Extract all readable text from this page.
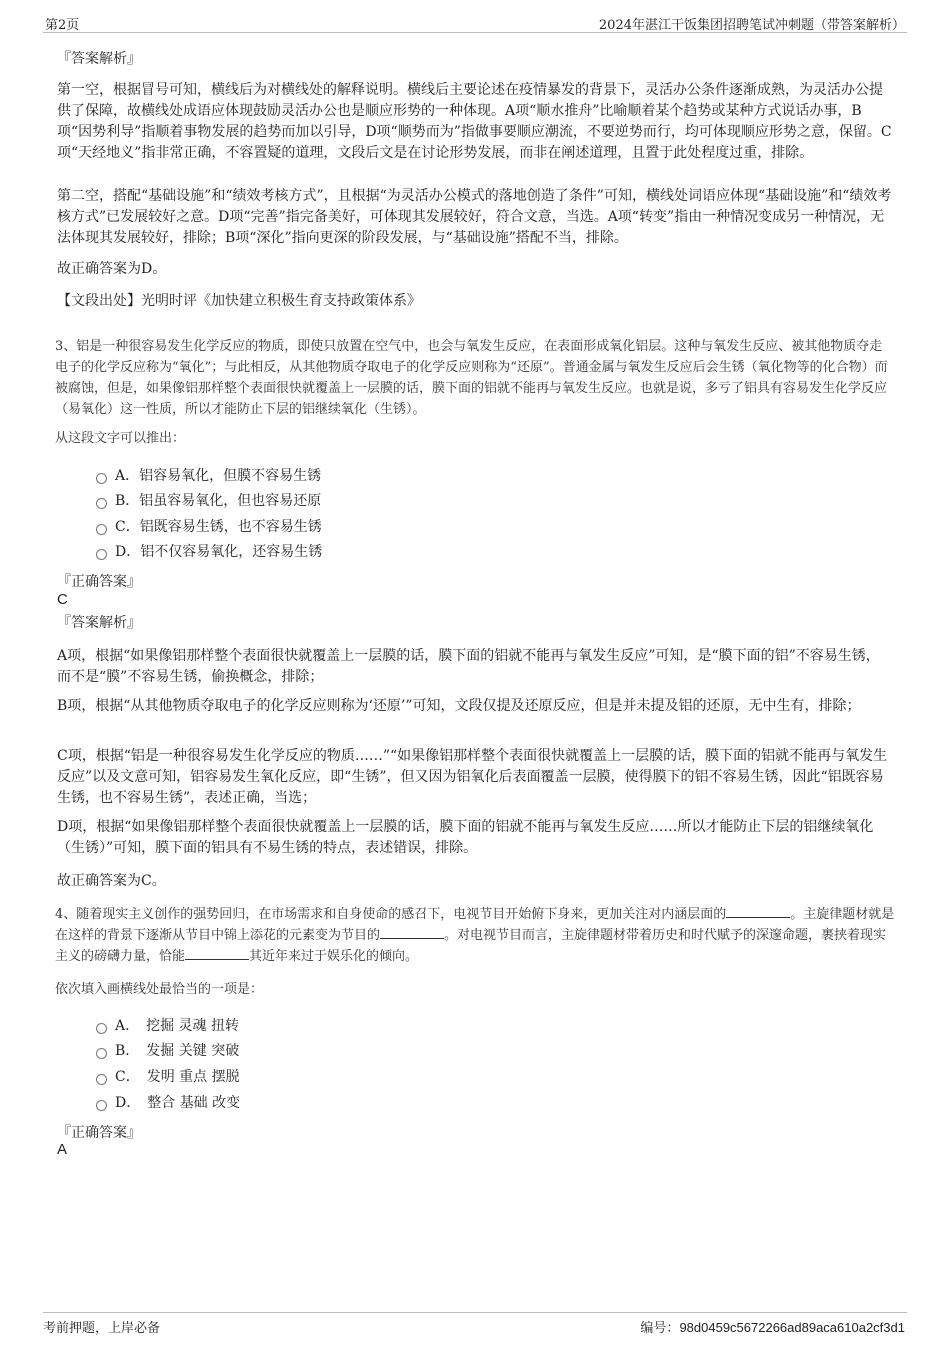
第2页	2024年湛江干饭集团招聘笔试冲刺题（带答案解析）
『答案解析』
第一空，根据冒号可知，横线后为对横线处的解释说明。横线后主要论述在疫情暴发的背景下，灵活办公条件逐渐成熟，为灵活办公提供了保障，故横线处成语应体现鼓励灵活办公也是顺应形势的一种体现。A项“顺水推舟”比喻顺着某个趋势或某种方式说话办事，B项“因势利导”指顺着事物发展的趋势而加以引导，D项“顺势而为”指做事要顺应潮流，不要逆势而行，均可体现顺应形势之意，保留。C项“天经地义”指非常正确，不容置疑的道理，文段后文是在讨论形势发展，而非在阐述道理，且置于此处程度过重，排除。
第二空，搭配“基础设施”和“绩效考核方式”，且根据“为灵活办公模式的落地创造了条件”可知，横线处词语应体现“基础设施”和“绩效考核方式”已发展较好之意。D项“完善”指完备美好，可体现其发展较好，符合文意，当选。A项“转变”指由一种情况变成另一种情况，无法体现其发展较好，排除；B项“深化”指向更深的阶段发展，与“基础设施”搭配不当，排除。
故正确答案为D。
【文段出处】光明时评《加快建立积极生育支持政策体系》
3、铝是一种很容易发生化学反应的物质，即使只放置在空气中，也会与氧发生反应，在表面形成氧化铝层。这种与氧发生反应、被其他物质夺走电子的化学反应称为“氧化”；与此相反，从其他物质夺取电子的化学反应则称为“还原”。普通金属与氧发生反应后会生锈（氧化物等的化合物）而被腐蚀，但是，如果像铝那样整个表面很快就覆盖上一层膜的话，膜下面的铝就不能再与氧发生反应。也就是说，多亏了铝具有容易发生化学反应（易氧化）这一性质，所以才能防止下层的铝继续氧化（生锈）。
从这段文字可以推出：
A．铝容易氧化，但膜不容易生锈
B．铝虽容易氧化，但也容易还原
C．铝既容易生锈，也不容易生锈
D．铝不仅容易氧化，还容易生锈
『正确答案』
C
『答案解析』
A项，根据“如果像铝那样整个表面很快就覆盖上一层膜的话，膜下面的铝就不能再与氧发生反应”可知，是“膜下面的铝”不容易生锈，而不是“膜”不容易生锈，偷换概念，排除；
B项，根据“从其他物质夺取电子的化学反应则称为‘还原’”可知，文段仅提及还原反应，但是并未提及铝的还原，无中生有，排除；
C项，根据“铝是一种很容易发生化学反应的物质……”“如果像铝那样整个表面很快就覆盖上一层膜的话，膜下面的铝就不能再与氧发生反应”以及文意可知，铝容易发生氧化反应，即“生锈”，但又因为铝氧化后表面覆盖一层膜，使得膜下的铝不容易生锈，因此“铝既容易生锈，也不容易生锈”，表述正确，当选；
D项，根据“如果像铝那样整个表面很快就覆盖上一层膜的话，膜下面的铝就不能再与氧发生反应……所以才能防止下层的铝继续氧化（生锈）”可知，膜下面的铝具有不易生锈的特点，表述错误，排除。
故正确答案为C。
4、随着现实主义创作的强势回归，在市场需求和自身使命的感召下，电视节目开始俯下身来，更加关注对内涵层面的	。主旋律题材就是在这样的背景下逐渐从节目中锦上添花的元素变为节目的	。对电视节目而言，主旋律题材带着历史和时代赋予的深邃命题，裹挟着现实主义的磅礴力量，恰能	其近年来过于娱乐化的倾向。
依次填入画横线处最恰当的一项是：
A．　挖掘 灵魂 扭转
B．　发掘 关键 突破
C．　发明 重点 摆脱
D．　整合 基础 改变
『正确答案』
A
考前押题，上岸必备	编号：98d0459c5672266ad89aca610a2cf3d1
